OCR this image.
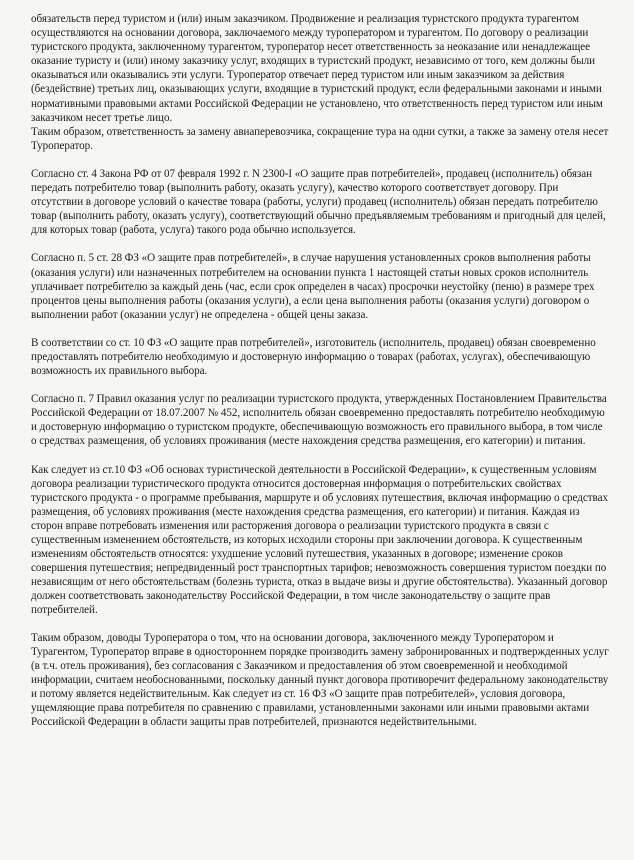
обязательств перед туристом и (или) иным заказчиком. Продвижение и реализация туристского продукта турагентом осуществляются на основании договора, заключаемого между туроператором и турагентом. По договору о реализации туристского продукта, заключенному турагентом, туроператор несет ответственность за неоказание или ненадлежащее оказание туристу и (или) иному заказчику услуг, входящих в туристский продукт, независимо от того, кем должны были оказываться или оказывались эти услуги. Туроператор отвечает перед туристом или иным заказчиком за действия (бездействие) третьих лиц, оказывающих услуги, входящие в туристский продукт, если федеральными законами и иными нормативными правовыми актами Российской Федерации не установлено, что ответственность перед туристом или иным заказчиком несет третье лицо.

Таким образом, ответственность за замену авиаперевозчика, сокращение тура на одни сутки, а также за замену отеля несет Туроператор.

Согласно ст. 4 Закона РФ от 07 февраля 1992 г. N 2300-I «О защите прав потребителей», продавец (исполнитель) обязан передать потребителю товар (выполнить работу, оказать услугу), качество которого соответствует договору. При отсутствии в договоре условий о качестве товара (работы, услуги) продавец (исполнитель) обязан передать потребителю товар (выполнить работу, оказать услугу), соответствующий обычно предъявляемым требованиям и пригодный для целей, для которых товар (работа, услуга) такого рода обычно используется.

Согласно п. 5 ст. 28 ФЗ «О защите прав потребителей», в случае нарушения установленных сроков выполнения работы (оказания услуги) или назначенных потребителем на основании пункта 1 настоящей статьи новых сроков исполнитель уплачивает потребителю за каждый день (час, если срок определен в часах) просрочки неустойку (пеню) в размере трех процентов цены выполнения работы (оказания услуги), а если цена выполнения работы (оказания услуги) договором о выполнении работ (оказании услуг) не определена - общей цены заказа.

В соответствии со ст. 10 ФЗ «О защите прав потребителей», изготовитель (исполнитель, продавец) обязан своевременно предоставлять потребителю необходимую и достоверную информацию о товарах (работах, услугах), обеспечивающую возможность их правильного выбора.

Согласно п. 7 Правил оказания услуг по реализации туристского продукта, утвержденных Постановлением Правительства Российской Федерации от 18.07.2007 № 452, исполнитель обязан своевременно предоставлять потребителю необходимую и достоверную информацию о туристском продукте, обеспечивающую возможность его правильного выбора, в том числе о средствах размещения, об условиях проживания (месте нахождения средства размещения, его категории) и питания.

Как следует из ст.10 ФЗ «Об основах туристической деятельности в Российской Федерации», к существенным условиям договора реализации туристического продукта относится достоверная информация о потребительских свойствах туристского продукта - о программе пребывания, маршруте и об условиях путешествия, включая информацию о средствах размещения, об условиях проживания (месте нахождения средства размещения, его категории) и питания. Каждая из сторон вправе потребовать изменения или расторжения договора о реализации туристского продукта в связи с существенным изменением обстоятельств, из которых исходили стороны при заключении договора. К существенным изменениям обстоятельств относятся: ухудшение условий путешествия, указанных в договоре; изменение сроков совершения путешествия; непредвиденный рост транспортных тарифов; невозможность совершения туристом поездки по независящим от него обстоятельствам (болезнь туриста, отказ в выдаче визы и другие обстоятельства). Указанный договор должен соответствовать законодательству Российской Федерации, в том числе законодательству о защите прав потребителей.

Таким образом, доводы Туроператора о том, что на основании договора, заключенного между Туроператором и Турагентом, Туроператор вправе в одностороннем порядке производить замену забронированных и подтвержденных услуг (в т.ч. отель проживания), без согласования с Заказчиком и предоставления об этом своевременной и необходимой информации, считаем необоснованными, поскольку данный пункт договора противоречит федеральному законодательству и потому является недействительным. Как следует из ст. 16 ФЗ «О защите прав потребителей», условия договора, ущемляющие права потребителя по сравнению с правилами, установленными законами или иными правовыми актами Российской Федерации в области защиты прав потребителей, признаются недействительными.
